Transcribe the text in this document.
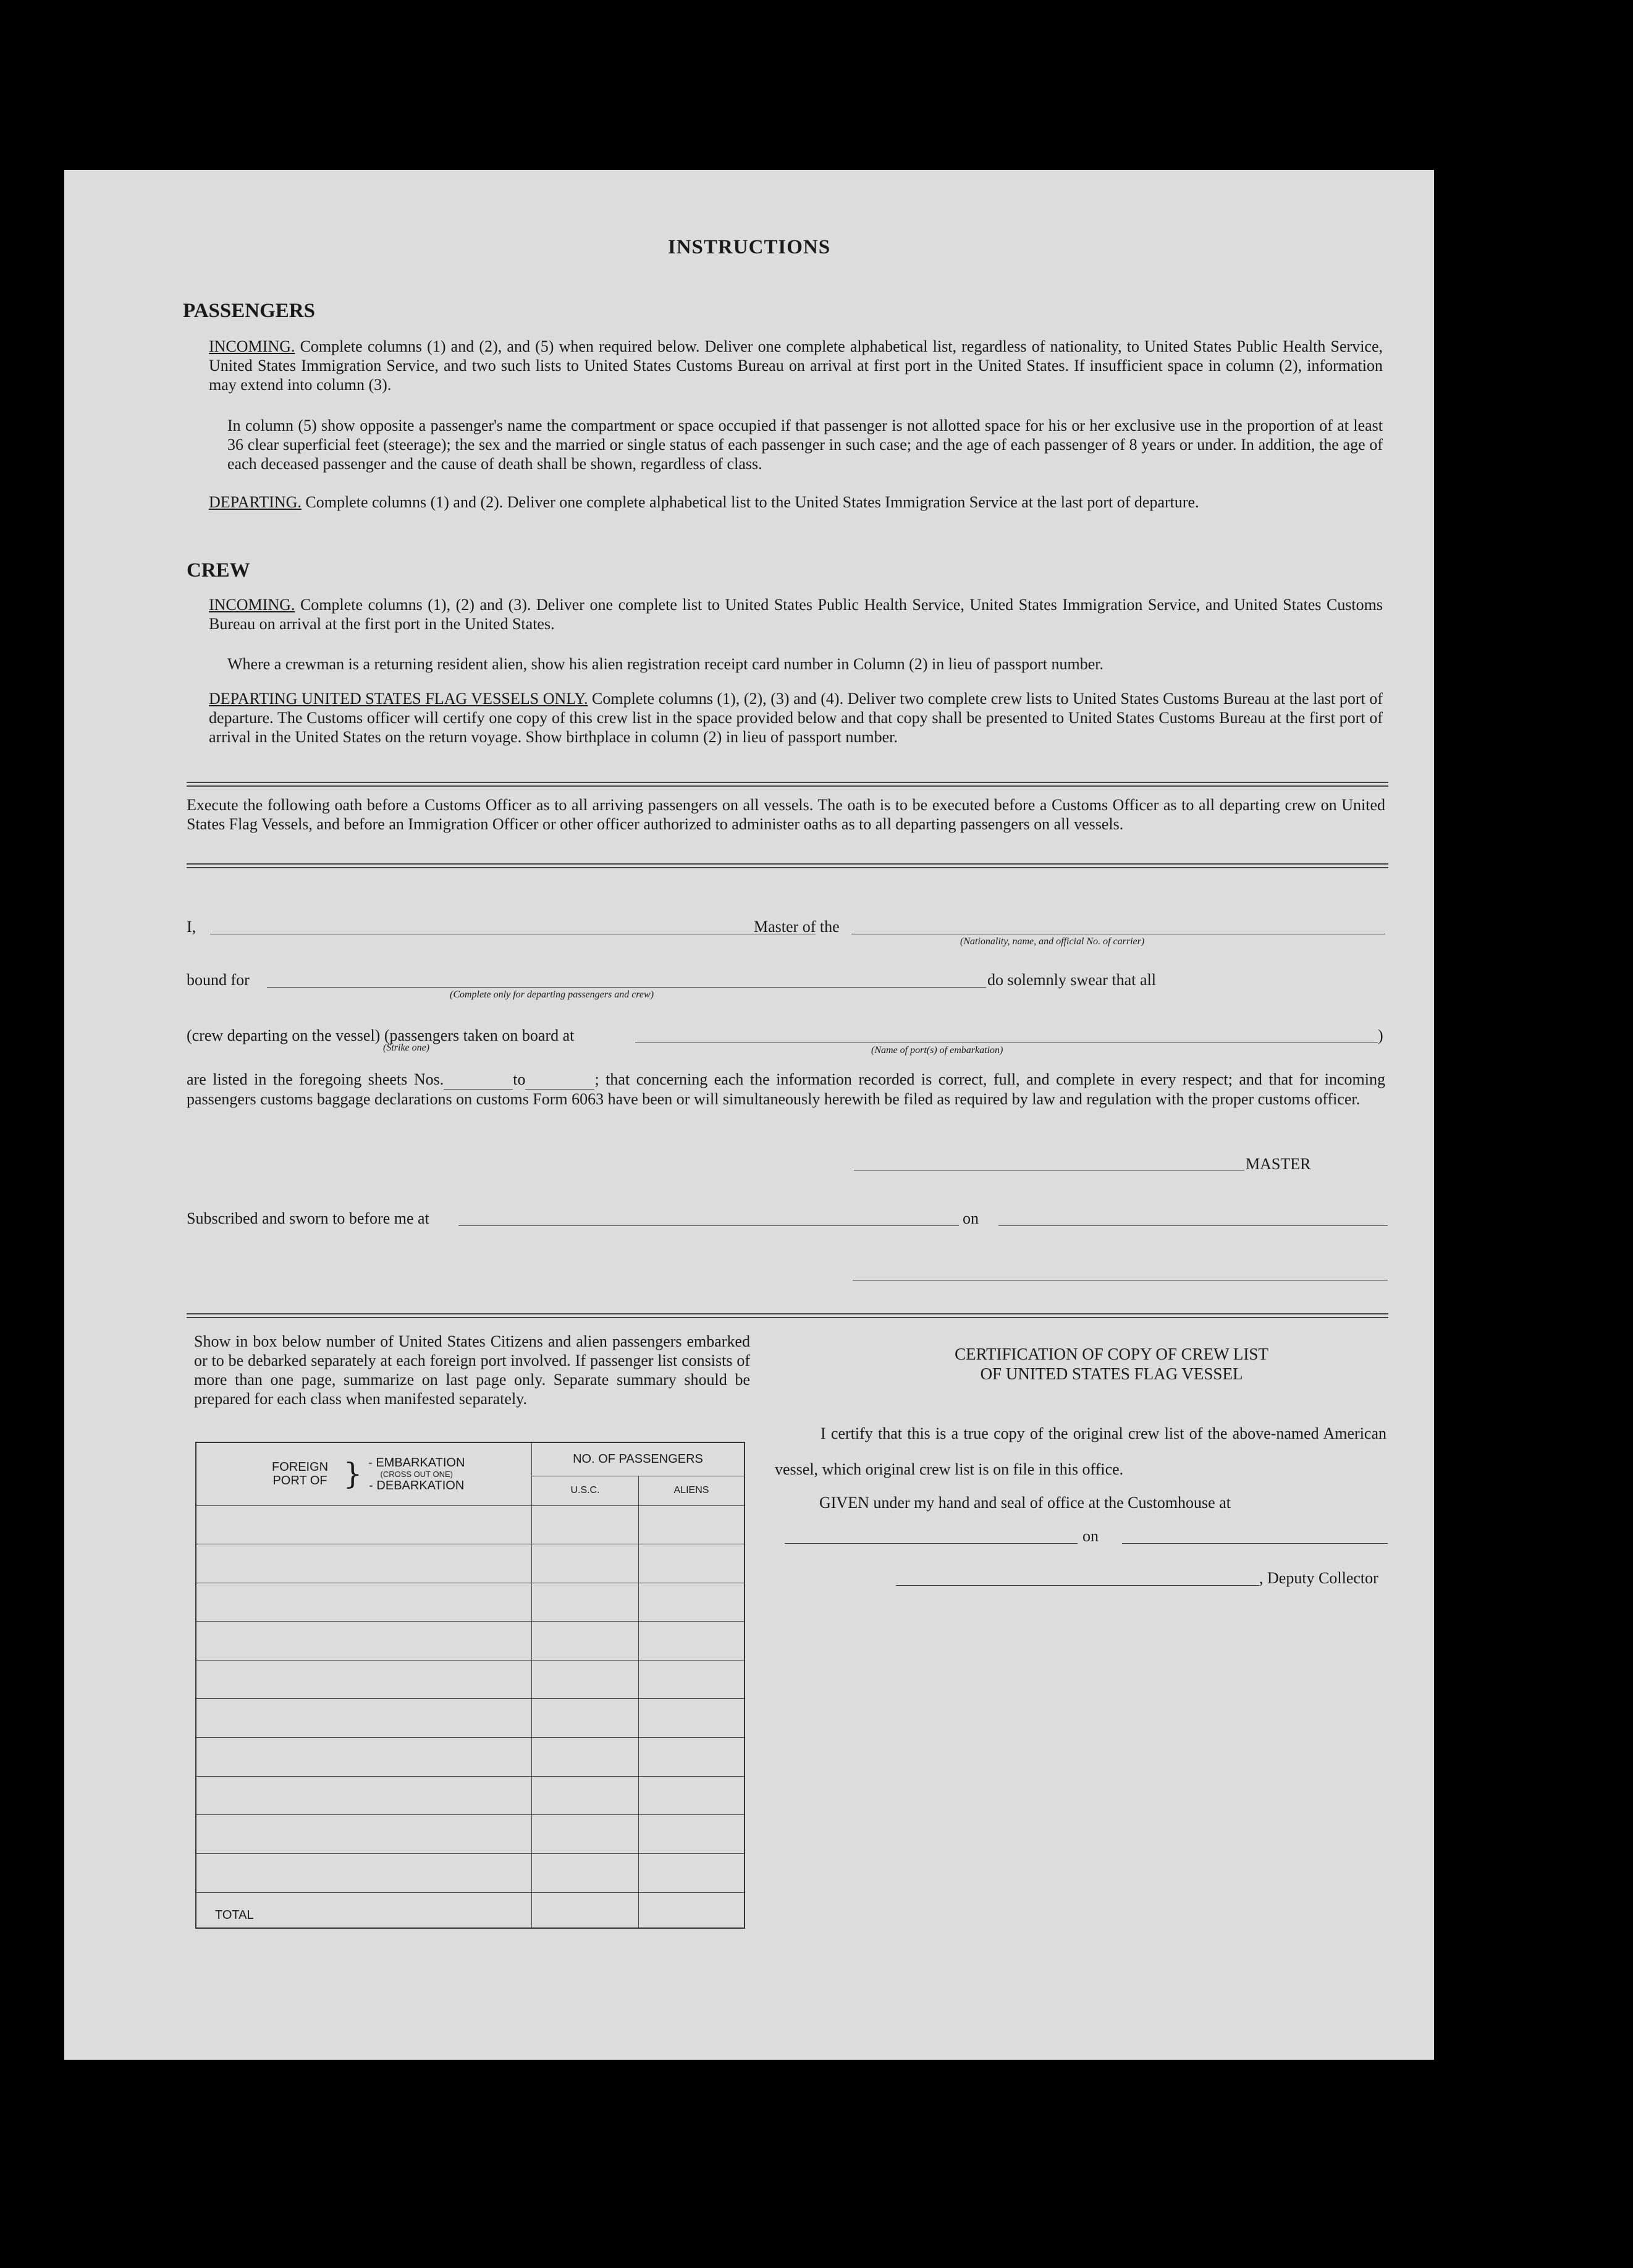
INSTRUCTIONS
PASSENGERS
INCOMING. Complete columns (1) and (2), and (5) when required below. Deliver one complete alphabetical list, regardless of nationality, to United States Public Health Service, United States Immigration Service, and two such lists to United States Customs Bureau on arrival at first port in the United States. If insufficient space in column (2), information may extend into column (3).
In column (5) show opposite a passenger's name the compartment or space occupied if that passenger is not allotted space for his or her exclusive use in the proportion of at least 36 clear superficial feet (steerage); the sex and the married or single status of each passenger in such case; and the age of each passenger of 8 years or under. In addition, the age of each deceased passenger and the cause of death shall be shown, regardless of class.
DEPARTING. Complete columns (1) and (2). Deliver one complete alphabetical list to the United States Immigration Service at the last port of departure.
CREW
INCOMING. Complete columns (1), (2) and (3). Deliver one complete list to United States Public Health Service, United States Immigration Service, and United States Customs Bureau on arrival at the first port in the United States.
Where a crewman is a returning resident alien, show his alien registration receipt card number in Column (2) in lieu of passport number.
DEPARTING UNITED STATES FLAG VESSELS ONLY. Complete columns (1), (2), (3) and (4). Deliver two complete crew lists to United States Customs Bureau at the last port of departure. The Customs officer will certify one copy of this crew list in the space provided below and that copy shall be presented to United States Customs Bureau at the first port of arrival in the United States on the return voyage. Show birthplace in column (2) in lieu of passport number.
Execute the following oath before a Customs Officer as to all arriving passengers on all vessels. The oath is to be executed before a Customs Officer as to all departing crew on United States Flag Vessels, and before an Immigration Officer or other officer authorized to administer oaths as to all departing passengers on all vessels.
I,	Master of the
(Nationality, name, and official No. of carrier)
bound for
(Complete only for departing passengers and crew)
do solemnly swear that all
(crew departing on the vessel) (passengers taken on board at
(Strike one)	(Name of port(s) of embarkation)
)
are listed in the foregoing sheets Nos.	to	; that concerning each the information recorded is correct, full, and complete in every respect; and that for incoming passengers customs baggage declarations on customs Form 6063 have been or will simultaneously herewith be filed as required by law and regulation with the proper customs officer.
MASTER
Subscribed and sworn to before me at	on
Show in box below number of United States Citizens and alien passengers embarked or to be debarked separately at each foreign port involved. If passenger list consists of more than one page, summarize on last page only. Separate summary should be prepared for each class when manifested separately.
FOREIGN PORT OF } - EMBARKATION
(CROSS OUT ONE)
- DEBARKATION	NO. OF PASSENGERS	
	U.S.C.	ALIENS

TOTAL		
CERTIFICATION OF COPY OF CREW LIST
OF UNITED STATES FLAG VESSEL
I certify that this is a true copy of the original crew list of the above-named American vessel, which original crew list is on file in this office.
GIVEN under my hand and seal of office at the Customhouse at
on
, Deputy Collector
